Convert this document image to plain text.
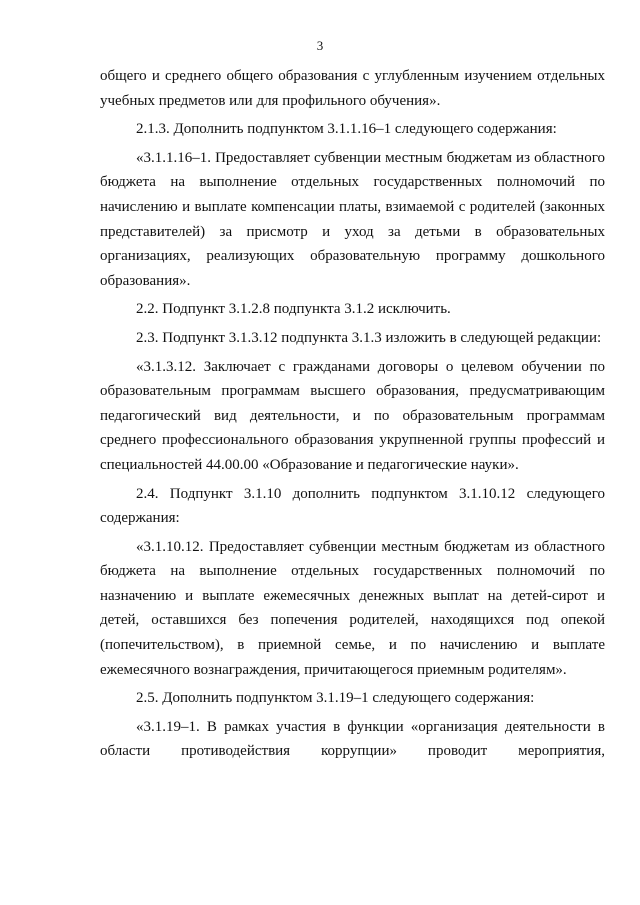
3

общего и среднего общего образования с углубленным изучением отдельных учебных предметов или для профильного обучения».

2.1.3. Дополнить подпунктом 3.1.1.16–1 следующего содержания:

«3.1.1.16–1. Предоставляет субвенции местным бюджетам из областного бюджета на выполнение отдельных государственных полномочий по начислению и выплате компенсации платы, взимаемой с родителей (законных представителей) за присмотр и уход за детьми в образовательных организациях, реализующих образовательную программу дошкольного образования».

2.2. Подпункт 3.1.2.8 подпункта 3.1.2 исключить.

2.3. Подпункт 3.1.3.12 подпункта 3.1.3 изложить в следующей редакции:

«3.1.3.12. Заключает с гражданами договоры о целевом обучении по образовательным программам высшего образования, предусматривающим педагогический вид деятельности, и по образовательным программам среднего профессионального образования укрупненной группы профессий и специальностей 44.00.00 «Образование и педагогические науки».

2.4. Подпункт 3.1.10 дополнить подпунктом 3.1.10.12 следующего содержания:

«3.1.10.12. Предоставляет субвенции местным бюджетам из областного бюджета на выполнение отдельных государственных полномочий по назначению и выплате ежемесячных денежных выплат на детей-сирот и детей, оставшихся без попечения родителей, находящихся под опекой (попечительством), в приемной семье, и по начислению и выплате ежемесячного вознаграждения, причитающегося приемным родителям».

2.5. Дополнить подпунктом 3.1.19–1 следующего содержания:

«3.1.19–1. В рамках участия в функции «организация деятельности в области противодействия коррупции» проводит мероприятия,
